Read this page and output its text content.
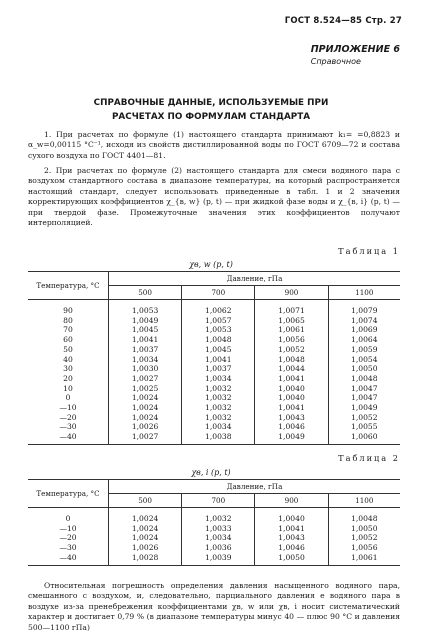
ГОСТ 8.524—85 Стр. 27
ПРИЛОЖЕНИЕ 6
Справочное
СПРАВОЧНЫЕ ДАННЫЕ, ИСПОЛЬЗУЕМЫЕ ПРИ
РАСЧЕТАХ ПО ФОРМУЛАМ СТАНДАРТА
1. При расчетах по формуле (1) настоящего стандарта принимают k₁= =0,8823 и α_w=0,00115 °C⁻¹, исходя из свойств дистиллированной воды по ГОСТ 6709—72 и состава сухого воздуха по ГОСТ 4401—81.
2. При расчетах по формуле (2) настоящего стандарта для смеси водяного пара с воздухом стандартного состава в диапазоне температуры, на который распространяется настоящий стандарт, следует использовать приведенные в табл. 1 и 2 значения корректирующих коэффициентов χ_{в, w} (p, t) — при жидкой фазе воды и χ_{в, i} (p, t) — при твердой фазе. Промежуточные значения этих коэффициентов получают интерполяцией.
Таблица 1
χв, w (p, t)
Температура, °C	Давление, гПа			
	500	700	900	1100
90	1,0053	1,0062	1,0071	1,0079
80	1,0049	1,0057	1,0065	1,0074
70	1,0045	1,0053	1,0061	1,0069
60	1,0041	1,0048	1,0056	1,0064
50	1,0037	1,0045	1,0052	1,0059
40	1,0034	1,0041	1,0048	1,0054
30	1,0030	1,0037	1,0044	1,0050
20	1,0027	1,0034	1,0041	1,0048
10	1,0025	1,0032	1,0040	1,0047
0	1,0024	1,0032	1,0040	1,0047
—10	1,0024	1,0032	1,0041	1,0049
—20	1,0024	1,0032	1,0043	1,0052
—30	1,0026	1,0034	1,0046	1,0055
—40	1,0027	1,0038	1,0049	1,0060
Таблица 2
χв, i (p, t)
Температура, °C	Давление, гПа			
	500	700	900	1100
0	1,0024	1,0032	1,0040	1,0048
—10	1,0024	1,0033	1,0041	1,0050
—20	1,0024	1,0034	1,0043	1,0052
—30	1,0026	1,0036	1,0046	1,0056
—40	1,0028	1,0039	1,0050	1,0061
Относительная погрешность определения давления насыщенного водяного пара, смешанного с воздухом, и, следовательно, парциального давления е водяного пара в воздухе из-за пренебрежения коэффициентами χв, w или χв, i носит систематический характер и достигает 0,79 % (в диапазоне температуры минус 40 — плюс 90 °C и давления 500—1100 гПа)
